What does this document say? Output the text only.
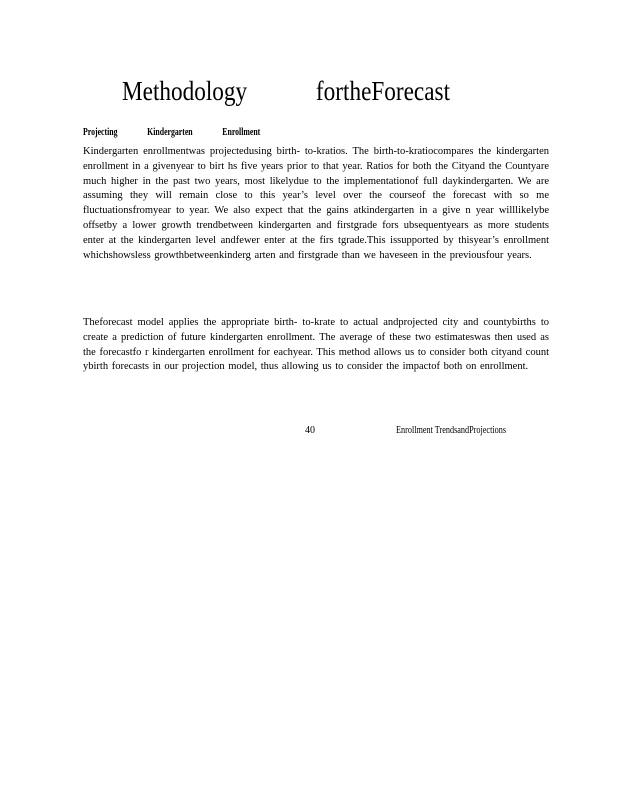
Methodology	fortheForecast
Projecting	Kindergarten	Enrollment
Kindergarten enrollmentwas projectedusing birth- to-kratios. The birth-to-kratiocompares the kindergarten enrollment in a givenyear to birt hs five years prior to that year. Ratios for both the Cityand the Countyare much higher in the past two years, most likelydue to the implementationof full daykindergarten. We are assuming they will remain close to this year’s level over the courseof the forecast with so me fluctuationsfromyear to year. We also expect that the gains atkindergarten in a give n year willlikelybe offsetby a lower growth trendbetween kindergarten and firstgrade fors ubsequentyears as more students enter at the kindergarten level andfewer enter at the firs tgrade.This issupported by thisyear’s enrollment whichshowsless growthbetweenkinderg arten and firstgrade than we haveseen in the previousfour years.
Theforecast model applies the appropriate birth- to-krate to actual andprojected city and countybirths to create a prediction of future kindergarten enrollment. The average of these two estimateswas then used as the forecastfo r kindergarten enrollment for eachyear. This method allows us to consider both cityand count ybirth forecasts in our projection model, thus allowing us to consider the impactof both on enrollment.
40	Enrollment TrendsandProjections
